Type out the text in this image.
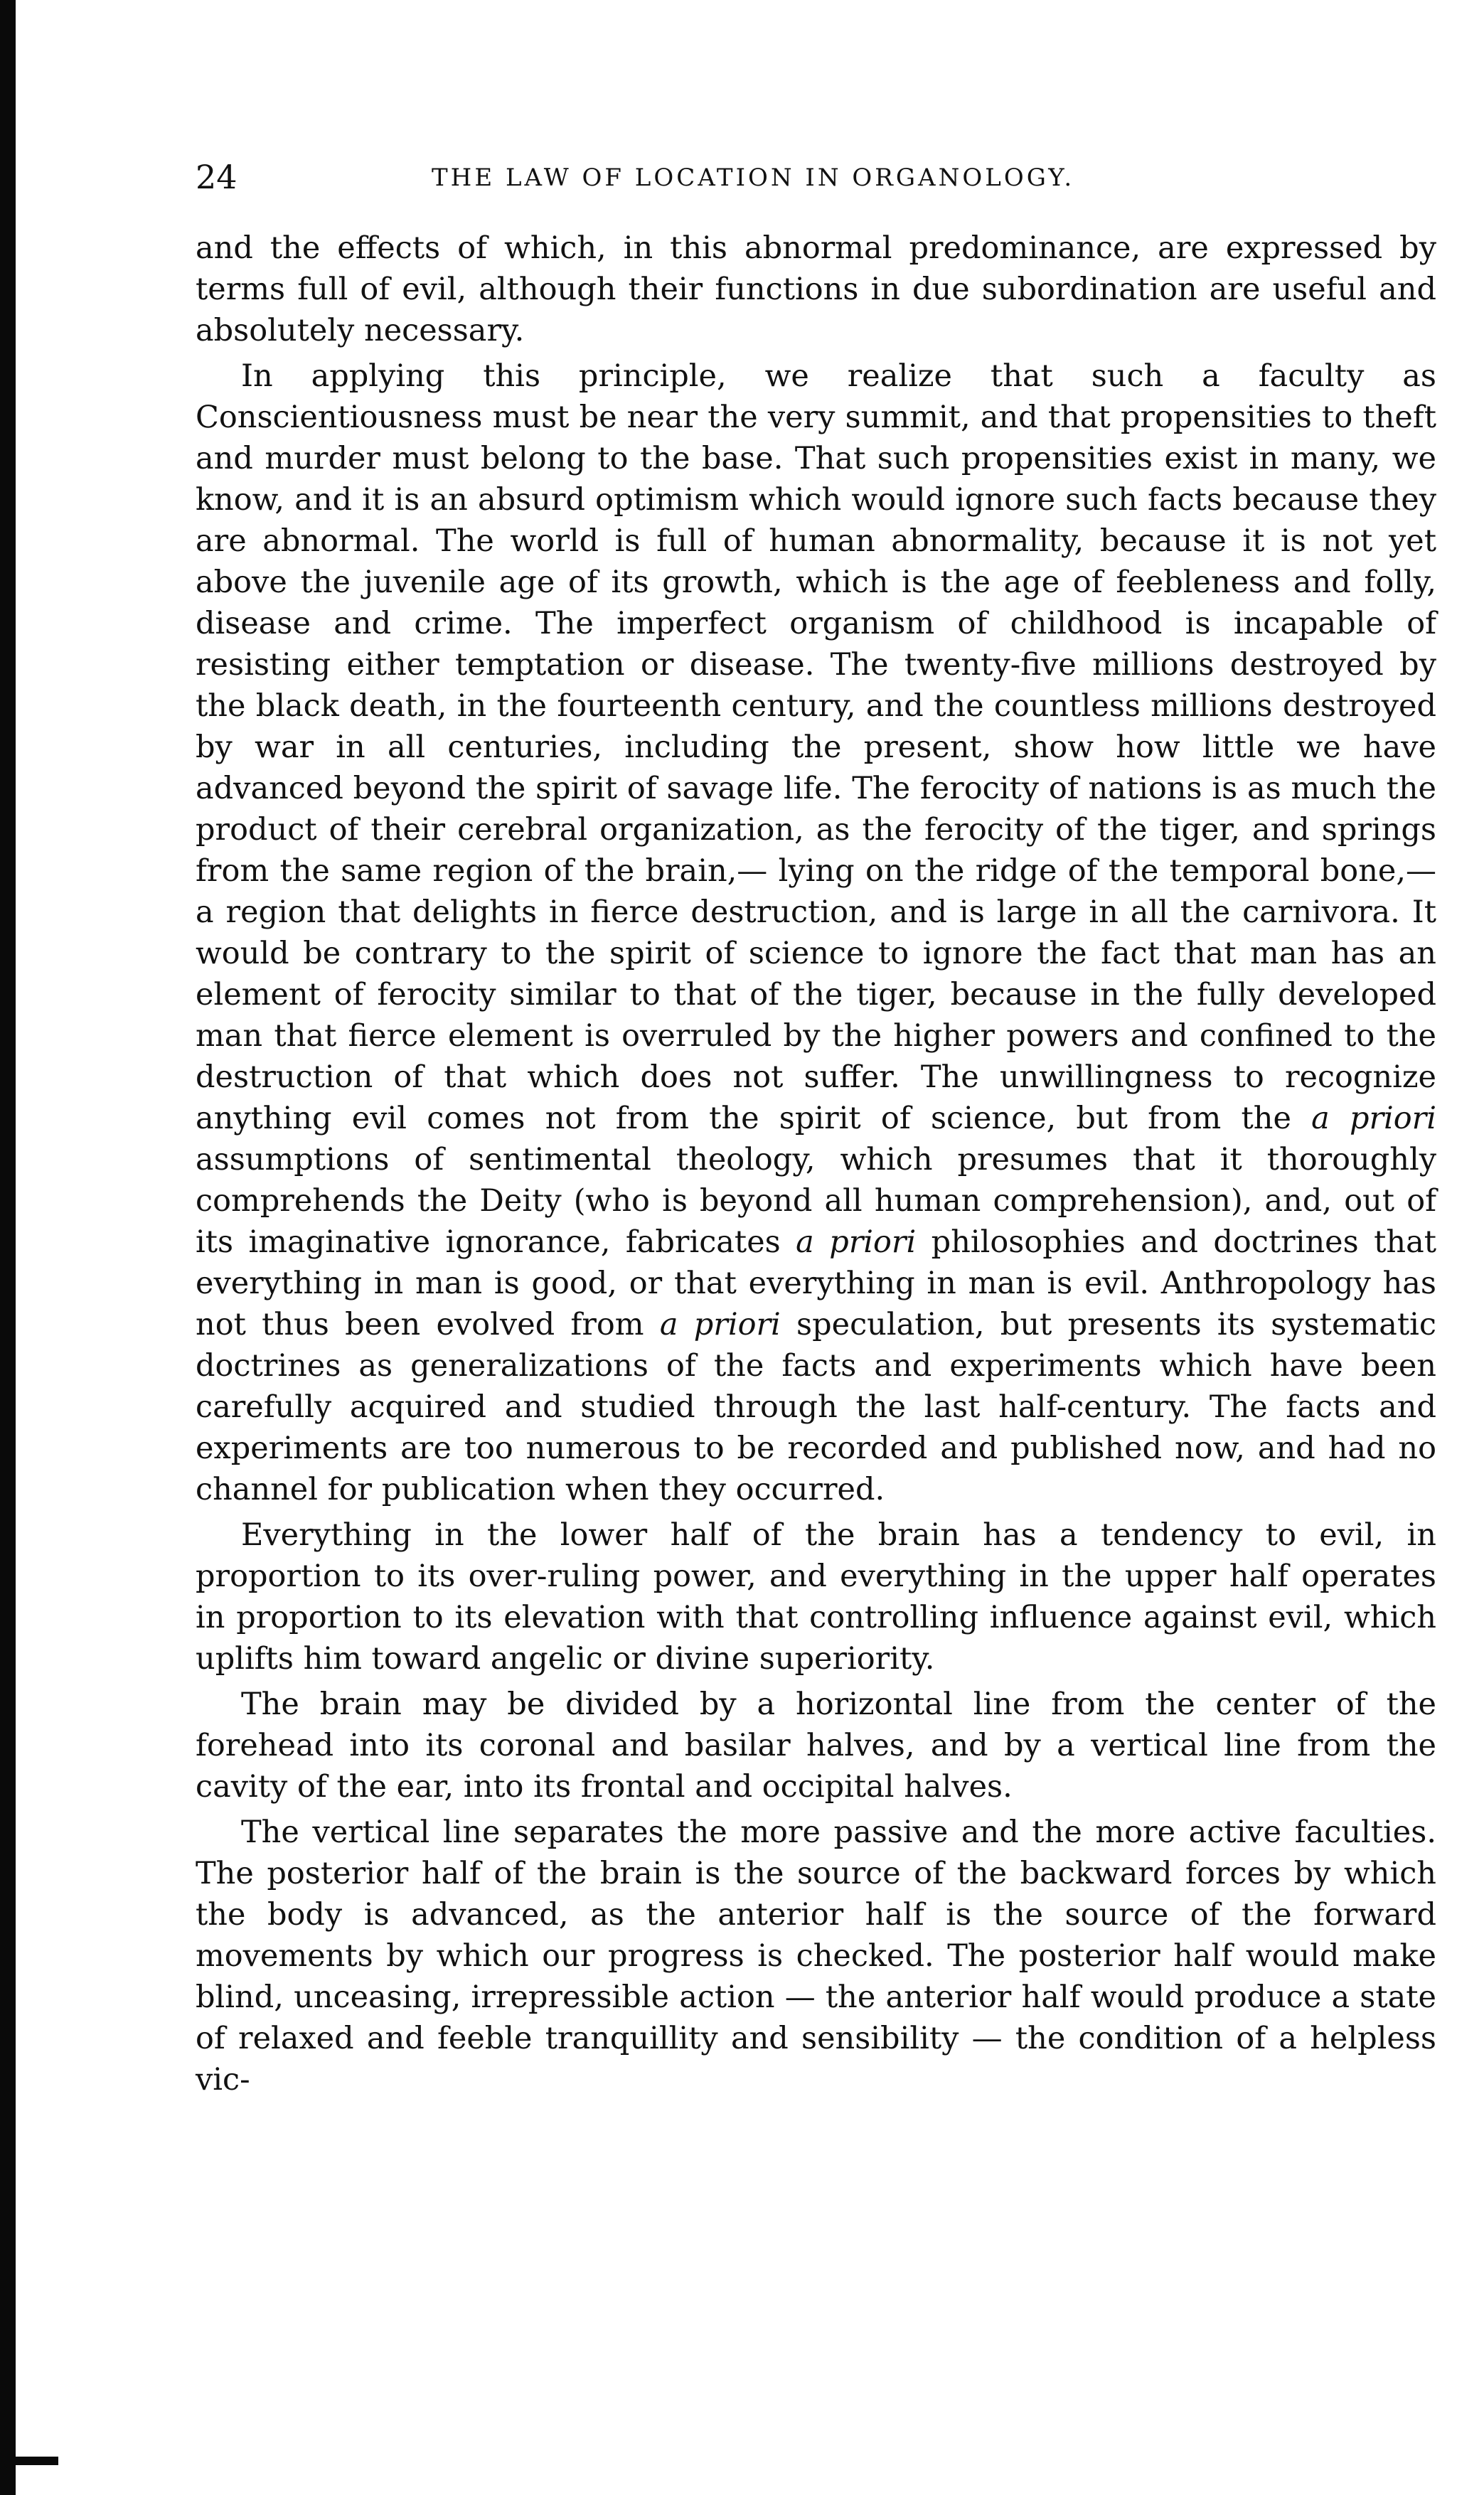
24	THE LAW OF LOCATION IN ORGANOLOGY.

and the effects of which, in this abnormal predominance, are expressed by terms full of evil, although their functions in due subordination are useful and absolutely necessary.

In applying this principle, we realize that such a faculty as Conscientiousness must be near the very summit, and that propensities to theft and murder must belong to the base. That such propensities exist in many, we know, and it is an absurd optimism which would ignore such facts because they are abnormal. The world is full of human abnormality, because it is not yet above the juvenile age of its growth, which is the age of feebleness and folly, disease and crime. The imperfect organism of childhood is incapable of resisting either temptation or disease. The twenty-five millions destroyed by the black death, in the fourteenth century, and the countless millions destroyed by war in all centuries, including the present, show how little we have advanced beyond the spirit of savage life. The ferocity of nations is as much the product of their cerebral organization, as the ferocity of the tiger, and springs from the same region of the brain,— lying on the ridge of the temporal bone,— a region that delights in fierce destruction, and is large in all the carnivora. It would be contrary to the spirit of science to ignore the fact that man has an element of ferocity similar to that of the tiger, because in the fully developed man that fierce element is overruled by the higher powers and confined to the destruction of that which does not suffer. The unwillingness to recognize anything evil comes not from the spirit of science, but from the a priori assumptions of sentimental theology, which presumes that it thoroughly comprehends the Deity (who is beyond all human comprehension), and, out of its imaginative ignorance, fabricates a priori philosophies and doctrines that everything in man is good, or that everything in man is evil. Anthropology has not thus been evolved from a priori speculation, but presents its systematic doctrines as generalizations of the facts and experiments which have been carefully acquired and studied through the last half-century. The facts and experiments are too numerous to be recorded and published now, and had no channel for publication when they occurred.

Everything in the lower half of the brain has a tendency to evil, in proportion to its over-ruling power, and everything in the upper half operates in proportion to its elevation with that controlling influence against evil, which uplifts him toward angelic or divine superiority.

The brain may be divided by a horizontal line from the center of the forehead into its coronal and basilar halves, and by a vertical line from the cavity of the ear, into its frontal and occipital halves.

The vertical line separates the more passive and the more active faculties. The posterior half of the brain is the source of the backward forces by which the body is advanced, as the anterior half is the source of the forward movements by which our progress is checked. The posterior half would make blind, unceasing, irrepressible action — the anterior half would produce a state of relaxed and feeble tranquillity and sensibility — the condition of a helpless vic-
